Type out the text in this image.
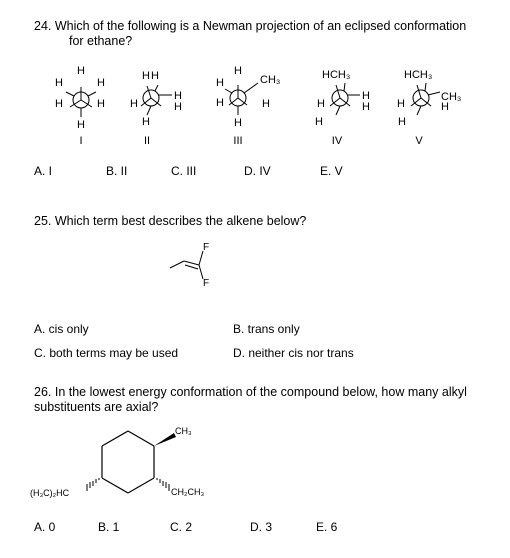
24. Which of the following is a Newman projection of an eclipsed conformation
for ethane?
H
H	H
H	H
H
H H
H
H
H
H
H
H	CH₃
H	H
H
HCH₃
H
H
H
H
HCH₃
CH₃
H
H
H
I	II	III	IV	V
A. I	B. II	C. III	D. IV	E. V
25. Which term best describes the alkene below?
F
F
A. cis only	B. trans only
C. both terms may be used	D. neither cis nor trans
26. In the lowest energy conformation of the compound below, how many alkyl
substituents are axial?
CH₃
CH₂CH₃
(H₃C)₂HC
A. 0	B. 1	C. 2	D. 3	E. 6
